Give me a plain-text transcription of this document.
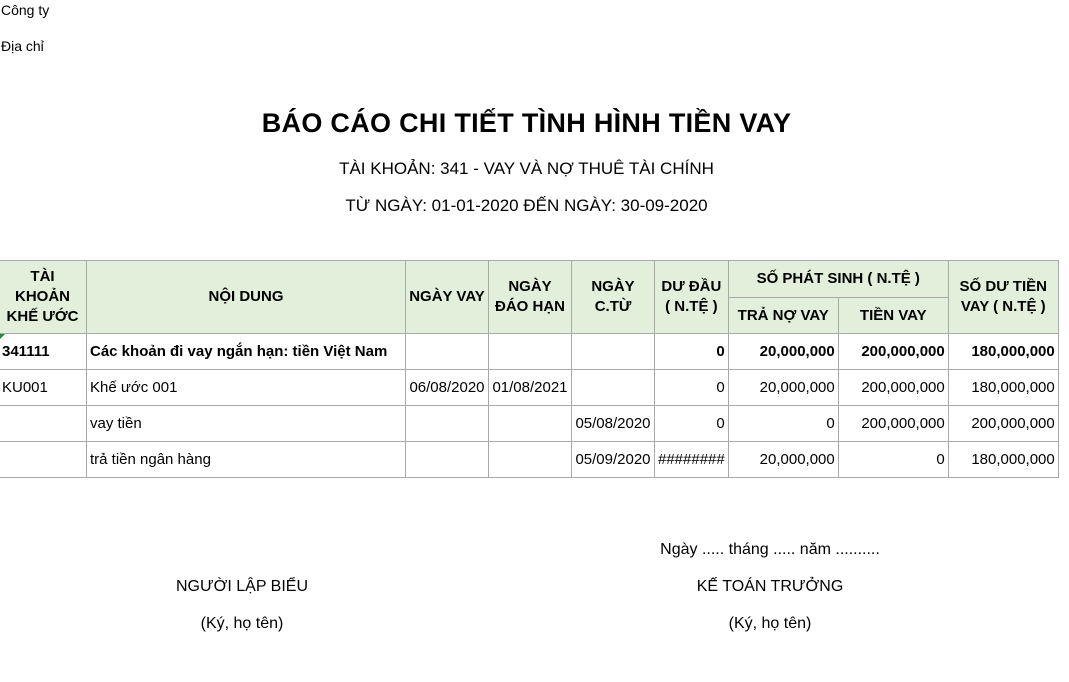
Công ty
Địa chỉ
BÁO CÁO CHI TIẾT TÌNH HÌNH TIỀN VAY
TÀI KHOẢN: 341 - VAY VÀ NỢ THUÊ TÀI CHÍNH
TỪ NGÀY: 01-01-2020 ĐẾN NGÀY: 30-09-2020
TÀI KHOẢN KHẾ ƯỚC	NỘI DUNG	NGÀY VAY	NGÀY ĐÁO HẠN	NGÀY C.TỪ	DƯ ĐẦU ( N.TỆ )	SỐ PHÁT SINH ( N.TỆ )		SỐ DƯ TIỀN VAY ( N.TỆ )

						TRẢ NỢ VAY	TIỀN VAY	

341111	Các khoản đi vay ngắn hạn: tiền Việt Nam				0	20,000,000	200,000,000	180,000,000
KU001	Khế ước 001	06/08/2020	01/08/2021		0	20,000,000	200,000,000	180,000,000
	vay tiền			05/08/2020	0	0	200,000,000	200,000,000
	trả tiền ngân hàng			05/09/2020	########	20,000,000	0	180,000,000
Ngày ..... tháng ..... năm ..........
NGƯỜI LẬP BIỂU
(Ký, họ tên)
KẾ TOÁN TRƯỞNG
(Ký, họ tên)
